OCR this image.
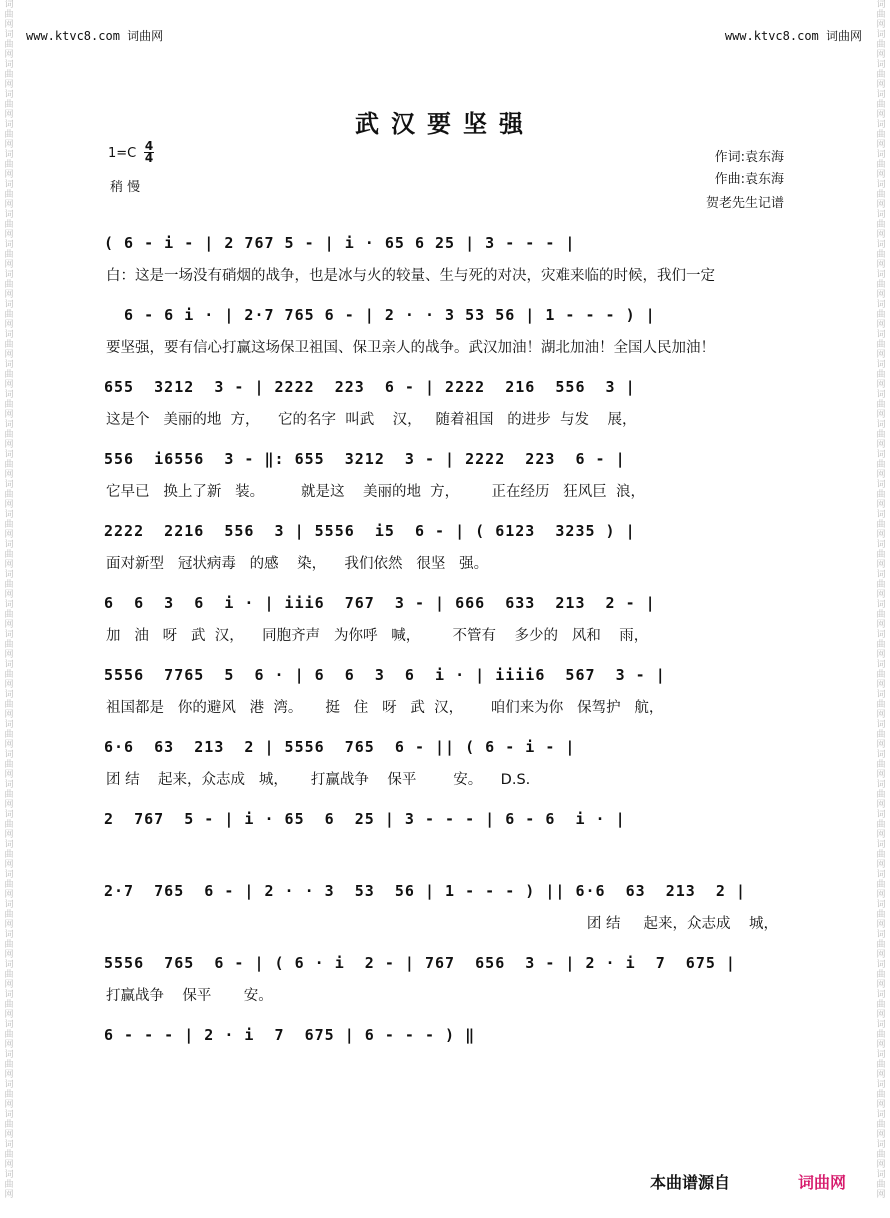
词曲网词曲网词曲网词曲网词曲网词曲网词曲网词曲网词曲网词曲网词曲网词曲网词曲网词曲网词曲网词曲网词曲网词曲网词曲网词曲网词曲网词曲网词曲网词曲网词曲网词曲网词曲网词曲网词曲网词曲网词曲网词曲网词曲网词曲网词曲网词曲网词曲网词曲网词曲网词曲网
词曲网词曲网词曲网词曲网词曲网词曲网词曲网词曲网词曲网词曲网词曲网词曲网词曲网词曲网词曲网词曲网词曲网词曲网词曲网词曲网词曲网词曲网词曲网词曲网词曲网词曲网词曲网词曲网词曲网词曲网词曲网词曲网词曲网词曲网词曲网词曲网词曲网词曲网词曲网词曲网
www.ktvc8.com 词曲网	www.ktvc8.com 词曲网
武汉要坚强
1=C 4
4
稍 慢
作词:袁东海
作曲:袁东海
贺老先生记谱
( 6 - i - | 2 767 5 - | i · 65 6 25 | 3 - - - |
白：这是一场没有硝烟的战争，也是冰与火的较量、生与死的对决，灾难来临的时候，我们一定
6 - 6 i · | 2·7 765 6 - | 2 · · 3 53 56 | 1 - - - ) |
要坚强，要有信心打赢这场保卫祖国、保卫亲人的战争。武汉加油！湖北加油！全国人民加油！
655  3212  3 - | 2222  223  6 - | 2222  216  556  3 |
这是个   美丽的地  方，    它的名字  叫武    汉，   随着祖国   的进步  与发    展，
556  i6556  3 - ‖: 655  3212  3 - | 2222  223  6 - |
它早已   换上了新   装。        就是这    美丽的地  方，       正在经历   狂风巨  浪，
2222  2216  556  3 | 5556  i5  6 - | ( 6123  3235 ) |
面对新型   冠状病毒   的感    染，    我们依然   很坚   强。
6  6  3  6  i · | iii6  767  3 - | 666  633  213  2 - |
加   油   呀   武  汉，    同胞齐声   为你呼   喊，       不管有    多少的   风和    雨，
5556  7765  5  6 · | 6  6  3  6  i · | iiii6  567  3 - |
祖国都是   你的避风   港  湾。     挺   住   呀   武  汉，      咱们来为你   保驾护   航，
6·6  63  213  2 | 5556  765  6 - || ( 6 - i - |
团 结    起来，众志成   城，     打赢战争    保平        安。    D.S.
2  767  5 - | i · 65  6  25 | 3 - - - | 6 - 6  i · |
2·7  765  6 - | 2 · · 3  53  56 | 1 - - - ) || 6·6  63  213  2 |
团 结     起来，众志成    城，
5556  765  6 - | ( 6 · i  2 - | 767  656  3 - | 2 · i  7  675 |
打赢战争    保平       安。
6 - - - | 2 · i  7  675 | 6 - - - ) ‖
本曲谱源自	词曲网
